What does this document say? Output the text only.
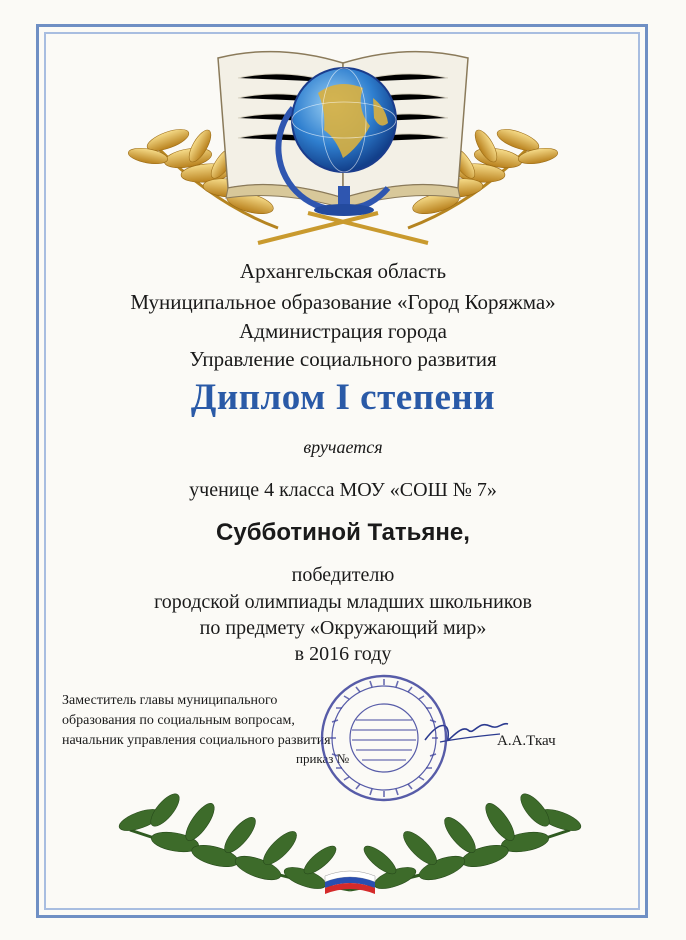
Архангельская область
Муниципальное образование «Город Коряжма»
Администрация города
Управление социального развития
Диплом I степени
вручается
ученице 4 класса МОУ «СОШ № 7»
Субботиной Татьяне,
победителю
городской олимпиады младших школьников
по предмету «Окружающий мир»
в 2016 году
Заместитель главы муниципального
образования по социальным вопросам,
начальник управления социального развития
приказ №
А.А.Ткач
